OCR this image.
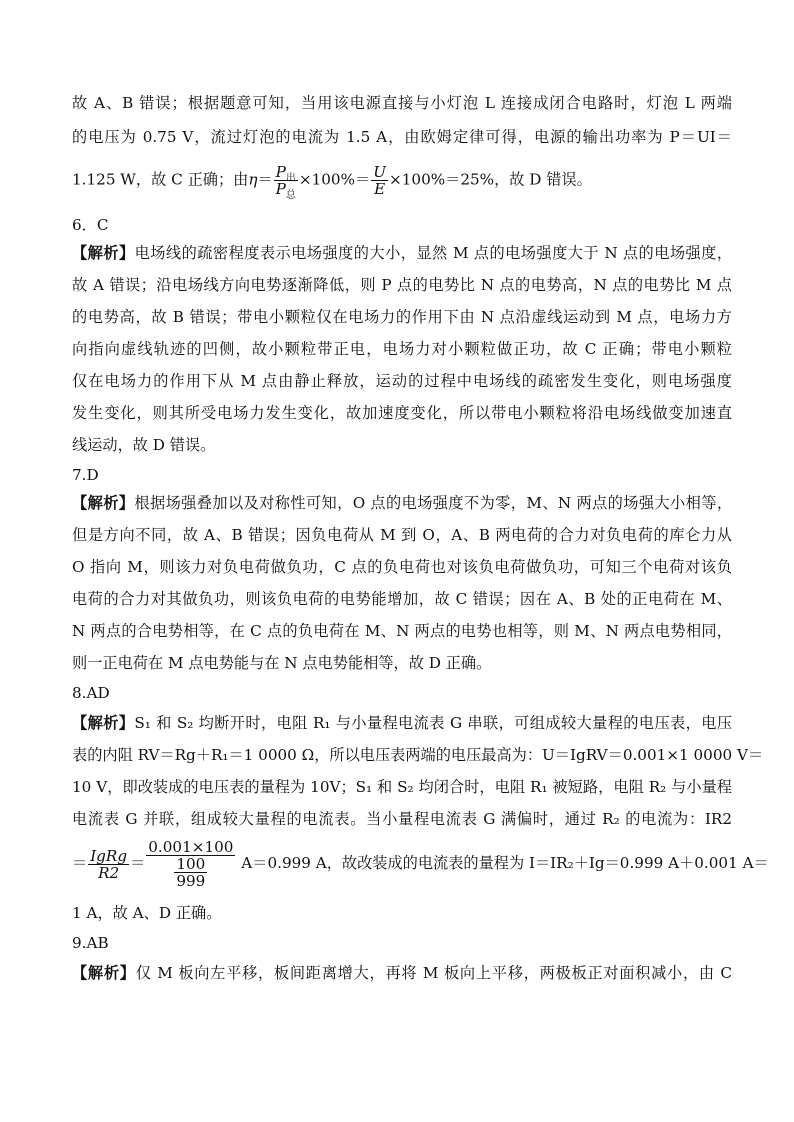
故 A、B 错误；根据题意可知，当用该电源直接与小灯泡 L 连接成闭合电路时，灯泡 L 两端
的电压为 0.75 V，流过灯泡的电流为 1.5 A，由欧姆定律可得，电源的输出功率为 P＝UI＝
1.125 W，故 C 正确；由$\eta= \frac{P_出}{P_总} \times 100\%= \frac{U}{E} \times 100\%=25\%$，故 D 错误。
6．C
【解析】电场线的疏密程度表示电场强度的大小，显然 M 点的电场强度大于 N 点的电场强度，
故 A 错误；沿电场线方向电势逐渐降低，则 P 点的电势比 N 点的电势高，N 点的电势比 M 点
的电势高，故 B 错误；带电小颗粒仅在电场力的作用下由 N 点沿虚线运动到 M 点，电场力方
向指向虚线轨迹的凹侧，故小颗粒带正电，电场力对小颗粒做正功，故 C 正确；带电小颗粒
仅在电场力的作用下从 M 点由静止释放，运动的过程中电场线的疏密发生变化，则电场强度
发生变化，则其所受电场力发生变化，故加速度变化，所以带电小颗粒将沿电场线做变加速直
线运动，故 D 错误。
7.D
【解析】根据场强叠加以及对称性可知，O 点的电场强度不为零，M、N 两点的场强大小相等，
但是方向不同，故 A、B 错误；因负电荷从 M 到 O，A、B 两电荷的合力对负电荷的库仑力从
O 指向 M，则该力对负电荷做负功，C 点的负电荷也对该负电荷做负功，可知三个电荷对该负
电荷的合力对其做负功，则该负电荷的电势能增加，故 C 错误；因在 A、B 处的正电荷在 M、
N 两点的合电势相等，在 C 点的负电荷在 M、N 两点的电势也相等，则 M、N 两点电势相同，
则一正电荷在 M 点电势能与在 N 点电势能相等，故 D 正确。
8.AD
【解析】S₁ 和 S₂ 均断开时，电阻 R₁ 与小量程电流表 G 串联，可组成较大量程的电压表，电压
表的内阻 RV＝Rg＋R₁＝1 0000 Ω，所以电压表两端的电压最高为：U＝IgRV＝0.001×1 0000 V＝
10 V，即改装成的电压表的量程为 10V；S₁ 和 S₂ 均闭合时，电阻 R₁ 被短路，电阻 R₂ 与小量程
电流表 G 并联，组成较大量程的电流表。当小量程电流表 G 满偏时，通过 R₂ 的电流为：IR2
＝ $\frac{\text{IgRg}}{R2} = \frac{0.001\times 100}{\frac{100}{999}} A=0.999$ A，故改装成的电流表的量程为 I＝IR₂＋Ig＝0.999 A＋0.001 A＝
1 A，故 A、D 正确。
9.AB
【解析】仅 M 板向左平移，板间距离增大，再将 M 板向上平移，两极板正对面积减小，由 C
